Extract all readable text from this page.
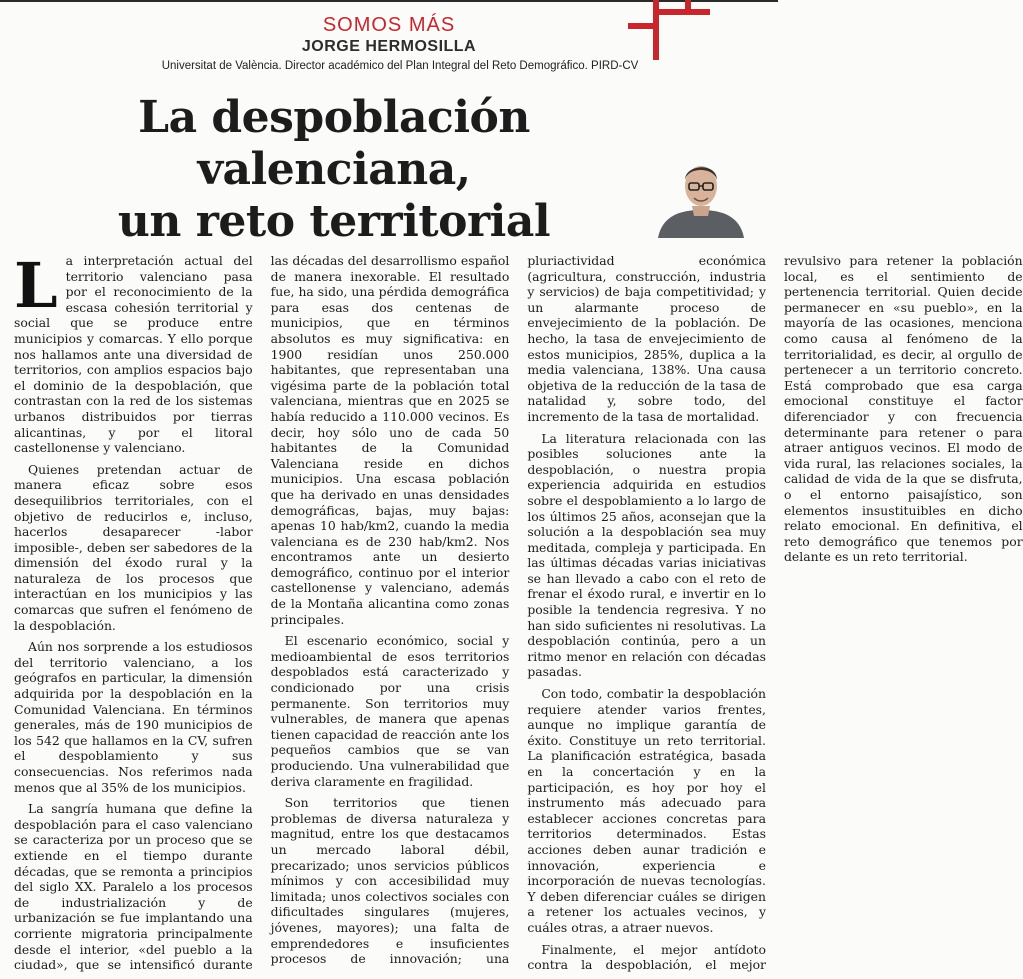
SOMOS MÁS
JORGE HERMOSILLA
Universitat de València. Director académico del Plan Integral del Reto Demográfico. PIRD-CV
La despoblación valenciana,
un reto territorial

La interpretación actual del territorio valenciano pasa por el reconocimiento de la escasa cohesión territorial y social que se produce entre municipios y comarcas. Y ello porque nos hallamos ante una diversidad de territorios, con amplios espacios bajo el dominio de la despoblación, que contrastan con la red de los sistemas urbanos distribuidos por tierras alicantinas, y por el litoral castellonense y valenciano.

Quienes pretendan actuar de manera eficaz sobre esos desequilibrios territoriales, con el objetivo de reducirlos e, incluso, hacerlos desaparecer -labor imposible-, deben ser sabedores de la dimensión del éxodo rural y la naturaleza de los procesos que interactúan en los municipios y las comarcas que sufren el fenómeno de la despoblación.

Aún nos sorprende a los estudiosos del territorio valenciano, a los geógrafos en particular, la dimensión adquirida por la despoblación en la Comunidad Valenciana. En términos generales, más de 190 municipios de los 542 que hallamos en la CV, sufren el despoblamiento y sus consecuencias. Nos referimos nada menos que al 35% de los municipios.

La sangría humana que define la despoblación para el caso valenciano se caracteriza por un proceso que se extiende en el tiempo durante décadas, que se remonta a principios del siglo XX. Paralelo a los procesos de industrialización y de urbanización se fue implantando una corriente migratoria principalmente desde el interior, «del pueblo a la ciudad», que se intensificó durante las décadas del desarrollismo español de manera inexorable. El resultado fue, ha sido, una pérdida demográfica para esas dos centenas de municipios, que en términos absolutos es muy significativa: en 1900 residían unos 250.000 habitantes, que representaban una vigésima parte de la población total valenciana, mientras que en 2025 se había reducido a 110.000 vecinos. Es decir, hoy sólo uno de cada 50 habitantes de la Comunidad Valenciana reside en dichos municipios. Una escasa población que ha derivado en unas densidades demográficas, bajas, muy bajas: apenas 10 hab/km2, cuando la media valenciana es de 230 hab/km2. Nos encontramos ante un desierto demográfico, continuo por el interior castellonense y valenciano, además de la Montaña alicantina como zonas principales.

El escenario económico, social y medioambiental de esos territorios despoblados está caracterizado y condicionado por una crisis permanente. Son territorios muy vulnerables, de manera que apenas tienen capacidad de reacción ante los pequeños cambios que se van produciendo. Una vulnerabilidad que deriva claramente en fragilidad.

Son territorios que tienen problemas de diversa naturaleza y magnitud, entre los que destacamos un mercado laboral débil, precarizado; unos servicios públicos mínimos y con accesibilidad muy limitada; unos colectivos sociales con dificultades singulares (mujeres, jóvenes, mayores); una falta de emprendedores e insuficientes procesos de innovación; una pluriactividad económica (agricultura, construcción, industria y servicios) de baja competitividad; y un alarmante proceso de envejecimiento de la población. De hecho, la tasa de envejecimiento de estos municipios, 285%, duplica a la media valenciana, 138%. Una causa objetiva de la reducción de la tasa de natalidad y, sobre todo, del incremento de la tasa de mortalidad.

La literatura relacionada con las posibles soluciones ante la despoblación, o nuestra propia experiencia adquirida en estudios sobre el despoblamiento a lo largo de los últimos 25 años, aconsejan que la solución a la despoblación sea muy meditada, compleja y participada. En las últimas décadas varias iniciativas se han llevado a cabo con el reto de frenar el éxodo rural, e invertir en lo posible la tendencia regresiva. Y no han sido suficientes ni resolutivas. La despoblación continúa, pero a un ritmo menor en relación con décadas pasadas.

Con todo, combatir la despoblación requiere atender varios frentes, aunque no implique garantía de éxito. Constituye un reto territorial. La planificación estratégica, basada en la concertación y en la participación, es hoy por hoy el instrumento más adecuado para establecer acciones concretas para territorios determinados. Estas acciones deben aunar tradición e innovación, experiencia e incorporación de nuevas tecnologías. Y deben diferenciar cuáles se dirigen a retener los actuales vecinos, y cuáles otras, a atraer nuevos.

Finalmente, el mejor antídoto contra la despoblación, el mejor revulsivo para retener la población local, es el sentimiento de pertenencia territorial. Quien decide permanecer en «su pueblo», en la mayoría de las ocasiones, menciona como causa al fenómeno de la territorialidad, es decir, al orgullo de pertenecer a un territorio concreto. Está comprobado que esa carga emocional constituye el factor diferenciador y con frecuencia determinante para retener o para atraer antiguos vecinos. El modo de vida rural, las relaciones sociales, la calidad de vida de la que se disfruta, o el entorno paisajístico, son elementos insustituibles en dicho relato emocional. En definitiva, el reto demográfico que tenemos por delante es un reto territorial.
